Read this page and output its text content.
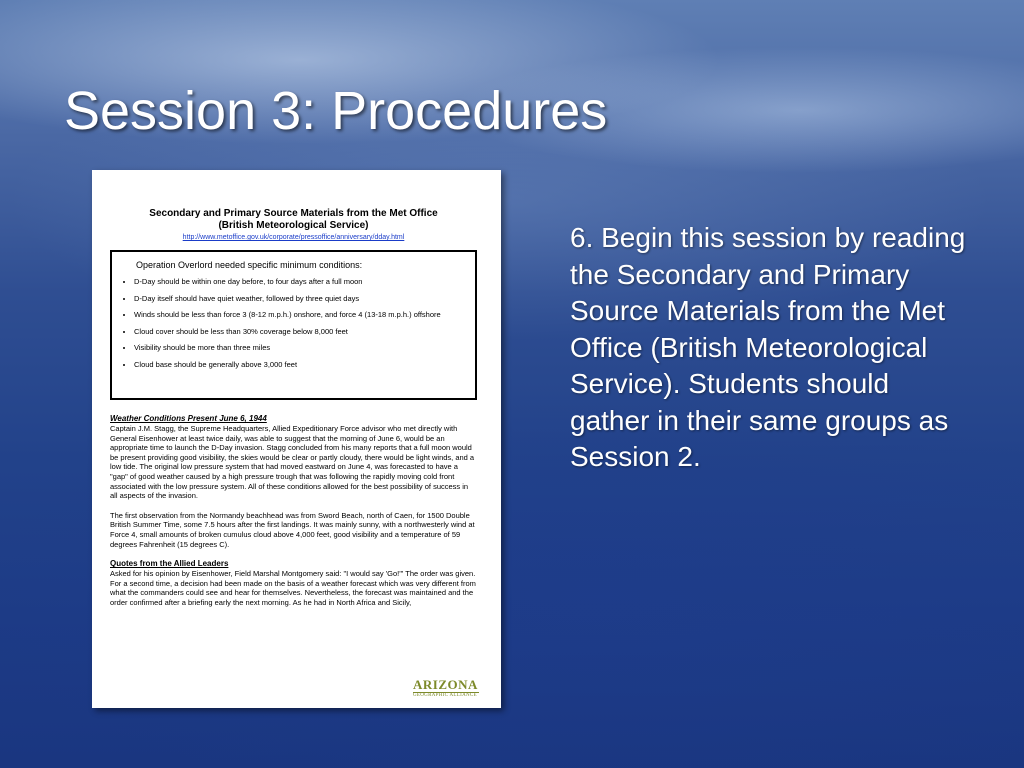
Session 3: Procedures
Secondary and Primary Source Materials from the Met Office
(British Meteorological Service)
http://www.metoffice.gov.uk/corporate/pressoffice/anniversary/dday.html

Operation Overlord needed specific minimum conditions:

• D-Day should be within one day before, to four days after a full moon
• D-Day itself should have quiet weather, followed by three quiet days
• Winds should be less than force 3 (8-12 m.p.h.) onshore, and force 4 (13-18 m.p.h.) offshore
• Cloud cover should be less than 30% coverage below 8,000 feet
• Visibility should be more than three miles
• Cloud base should be generally above 3,000 feet

Weather Conditions Present June 6, 1944

Captain J.M. Stagg, the Supreme Headquarters, Allied Expeditionary Force advisor who met directly with General Eisenhower at least twice daily, was able to suggest that the morning of June 6, would be an appropriate time to launch the D-Day invasion. Stagg concluded from his many reports that a full moon would be present providing good visibility, the skies would be clear or partly cloudy, there would be light winds, and a low tide. The original low pressure system that had moved eastward on June 4, was forecasted to have a "gap" of good weather caused by a high pressure trough that was following the rapidly moving cold front associated with the low pressure system. All of these conditions allowed for the best possibility of success in all aspects of the invasion.

The first observation from the Normandy beachhead was from Sword Beach, north of Caen, for 1500 Double British Summer Time, some 7.5 hours after the first landings. It was mainly sunny, with a northwesterly wind at Force 4, small amounts of broken cumulus cloud above 4,000 feet, good visibility and a temperature of 59 degrees Fahrenheit (15 degrees C).

Quotes from the Allied Leaders

Asked for his opinion by Eisenhower, Field Marshal Montgomery said: "I would say 'Go!'" The order was given. For a second time, a decision had been made on the basis of a weather forecast which was very different from what the commanders could see and hear for themselves. Nevertheless, the forecast was maintained and the order confirmed after a briefing early the next morning. As he had in North Africa and Sicily,

ARIZONA
GEOGRAPHIC ALLIANCE

6. Begin this session by reading the Secondary and Primary Source Materials from the Met Office (British Meteorological Service). Students should gather in their same groups as Session 2.
